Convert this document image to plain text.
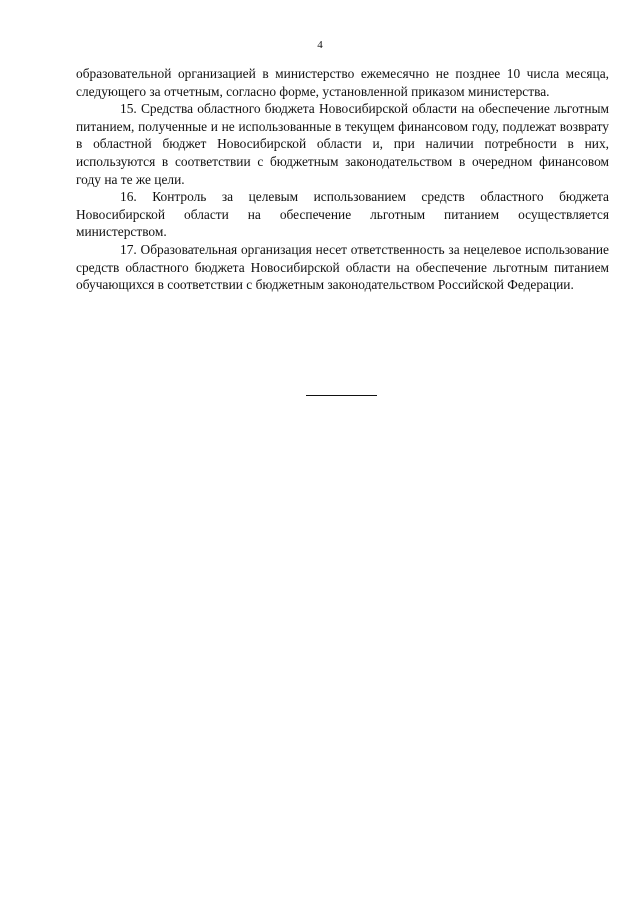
4

образовательной организацией в министерство ежемесячно не позднее 10 числа месяца, следующего за отчетным, согласно форме, установленной приказом министерства.

15. Средства областного бюджета Новосибирской области на обеспечение льготным питанием, полученные и не использованные в текущем финансовом году, подлежат возврату в областной бюджет Новосибирской области и, при наличии потребности в них, используются в соответствии с бюджетным законодательством в очередном финансовом году на те же цели.

16. Контроль за целевым использованием средств областного бюджета Новосибирской области на обеспечение льготным питанием осуществляется министерством.

17. Образовательная организация несет ответственность за нецелевое использование средств областного бюджета Новосибирской области на обеспечение льготным питанием обучающихся в соответствии с бюджетным законодательством Российской Федерации.
